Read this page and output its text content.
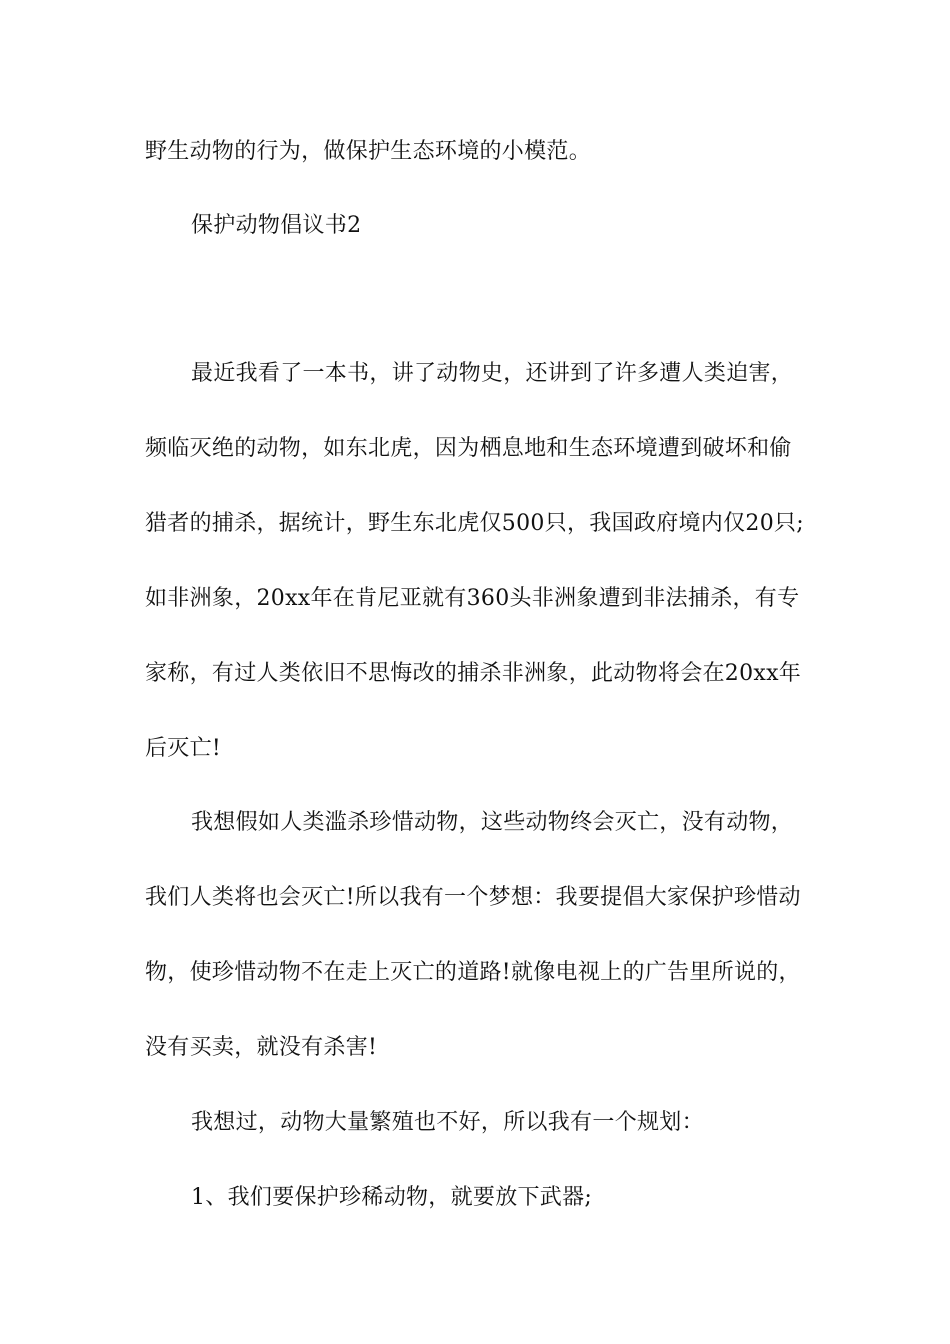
野生动物的行为，做保护生态环境的小模范。
保护动物倡议书2
最近我看了一本书，讲了动物史，还讲到了许多遭人类迫害，
频临灭绝的动物，如东北虎，因为栖息地和生态环境遭到破坏和偷
猎者的捕杀，据统计，野生东北虎仅500只，我国政府境内仅20只;
如非洲象，20xx年在肯尼亚就有360头非洲象遭到非法捕杀，有专
家称，有过人类依旧不思悔改的捕杀非洲象，此动物将会在20xx年
后灭亡!
我想假如人类滥杀珍惜动物，这些动物终会灭亡，没有动物，
我们人类将也会灭亡!所以我有一个梦想：我要提倡大家保护珍惜动
物，使珍惜动物不在走上灭亡的道路!就像电视上的广告里所说的，
没有买卖，就没有杀害!
我想过，动物大量繁殖也不好，所以我有一个规划：
1、我们要保护珍稀动物，就要放下武器;
